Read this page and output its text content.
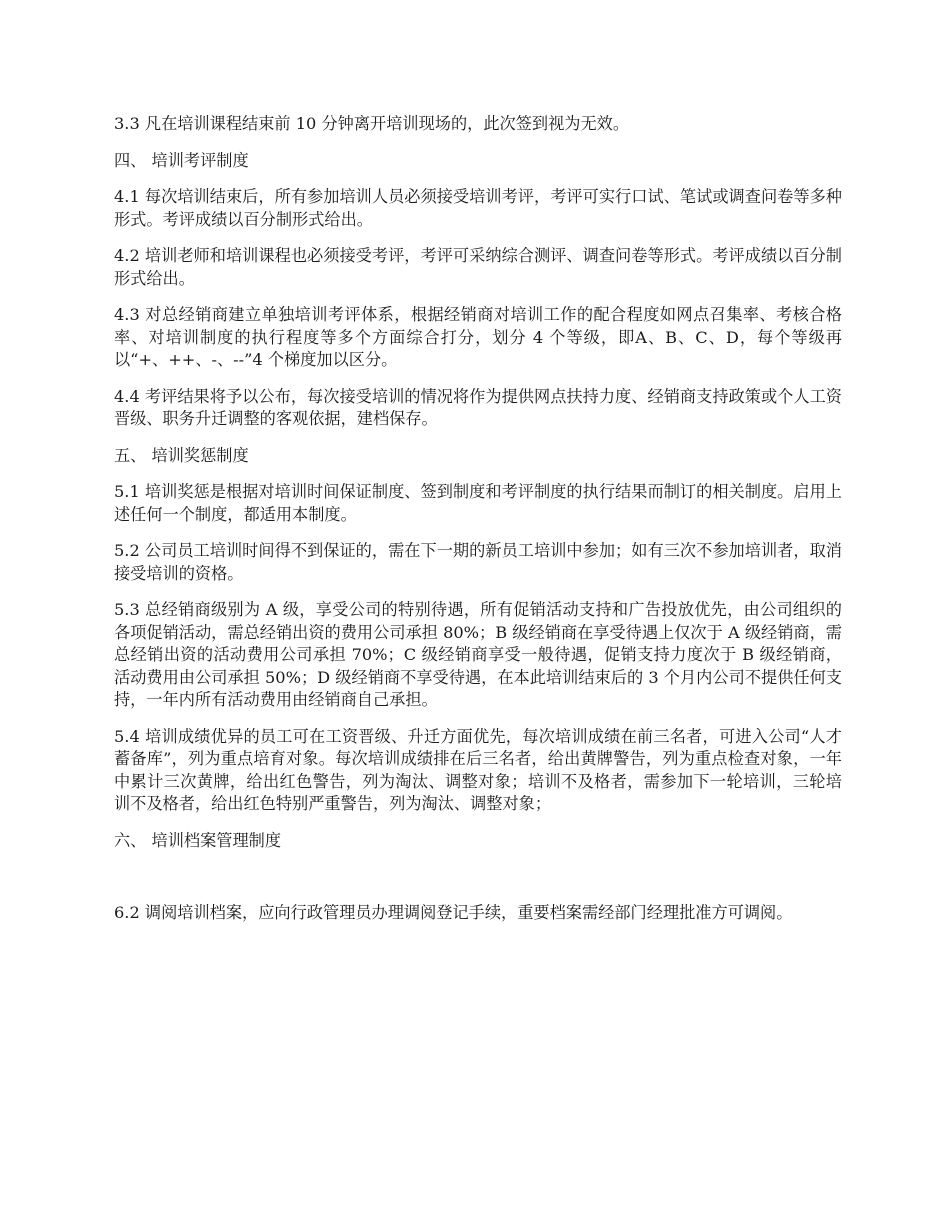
3.3 凡在培训课程结束前 10 分钟离开培训现场的，此次签到视为无效。

四、 培训考评制度

4.1 每次培训结束后，所有参加培训人员必须接受培训考评，考评可实行口试、笔试或调查问卷等多种形式。考评成绩以百分制形式给出。

4.2 培训老师和培训课程也必须接受考评，考评可采纳综合测评、调查问卷等形式。考评成绩以百分制形式给出。

4.3 对总经销商建立单独培训考评体系，根据经销商对培训工作的配合程度如网点召集率、考核合格率、对培训制度的执行程度等多个方面综合打分，划分 4 个等级，即A、B、C、D，每个等级再以“+、++、-、--”4 个梯度加以区分。

4.4 考评结果将予以公布，每次接受培训的情况将作为提供网点扶持力度、经销商支持政策或个人工资晋级、职务升迁调整的客观依据，建档保存。

五、 培训奖惩制度

5.1 培训奖惩是根据对培训时间保证制度、签到制度和考评制度的执行结果而制订的相关制度。启用上述任何一个制度，都适用本制度。

5.2 公司员工培训时间得不到保证的，需在下一期的新员工培训中参加；如有三次不参加培训者，取消接受培训的资格。

5.3 总经销商级别为 A 级，享受公司的特别待遇，所有促销活动支持和广告投放优先，由公司组织的各项促销活动，需总经销出资的费用公司承担 80%；B 级经销商在享受待遇上仅次于 A 级经销商，需总经销出资的活动费用公司承担 70%；C 级经销商享受一般待遇，促销支持力度次于 B 级经销商，活动费用由公司承担 50%；D 级经销商不享受待遇，在本此培训结束后的 3 个月内公司不提供任何支持，一年内所有活动费用由经销商自己承担。

5.4 培训成绩优异的员工可在工资晋级、升迁方面优先，每次培训成绩在前三名者，可进入公司“人才蓄备库”，列为重点培育对象。每次培训成绩排在后三名者，给出黄牌警告，列为重点检查对象，一年中累计三次黄牌，给出红色警告，列为淘汰、调整对象；培训不及格者，需参加下一轮培训，三轮培训不及格者，给出红色特别严重警告，列为淘汰、调整对象；

六、 培训档案管理制度

6.2 调阅培训档案，应向行政管理员办理调阅登记手续，重要档案需经部门经理批准方可调阅。
